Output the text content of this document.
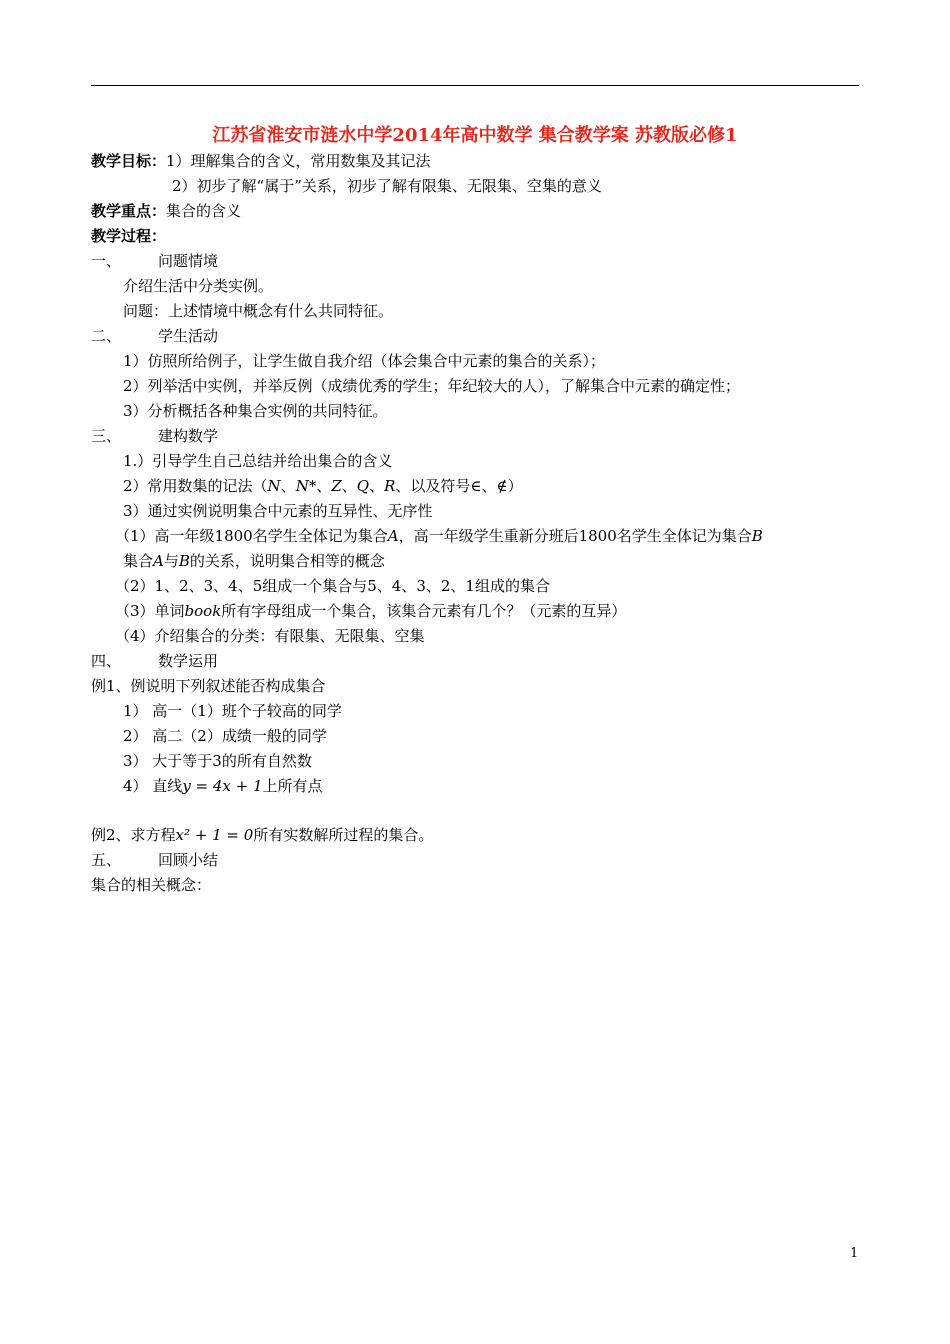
江苏省淮安市涟水中学2014年高中数学 集合教学案 苏教版必修1
教学目标：1）理解集合的含义，常用数集及其记法
2）初步了解“属于”关系，初步了解有限集、无限集、空集的意义
教学重点：集合的含义
教学过程：
一、 问题情境
介绍生活中分类实例。
问题：上述情境中概念有什么共同特征。
二、 学生活动
1）仿照所给例子，让学生做自我介绍（体会集合中元素的集合的关系）；
2）列举活中实例，并举反例（成绩优秀的学生；年纪较大的人），了解集合中元素的确定性；
3）分析概括各种集合实例的共同特征。
三、 建构数学
1.）引导学生自己总结并给出集合的含义
2）常用数集的记法（N、N*、Z、Q、R、以及符号∈、∉）
3）通过实例说明集合中元素的互异性、无序性
（1）高一年级1800名学生全体记为集合A，高一年级学生重新分班后1800名学生全体记为集合B
集合A与B的关系，说明集合相等的概念
（2）1、2、3、4、5组成一个集合与5、4、3、2、1组成的集合
（3）单词book所有字母组成一个集合，该集合元素有几个？（元素的互异）
（4）介绍集合的分类：有限集、无限集、空集
四、 数学运用
例1、例说明下列叙述能否构成集合
1） 高一（1）班个子较高的同学
2） 高二（2）成绩一般的同学
3） 大于等于3的所有自然数
4） 直线y = 4x + 1上所有点
例2、求方程x² + 1 = 0所有实数解所过程的集合。
五、 回顾小结
集合的相关概念：
1
